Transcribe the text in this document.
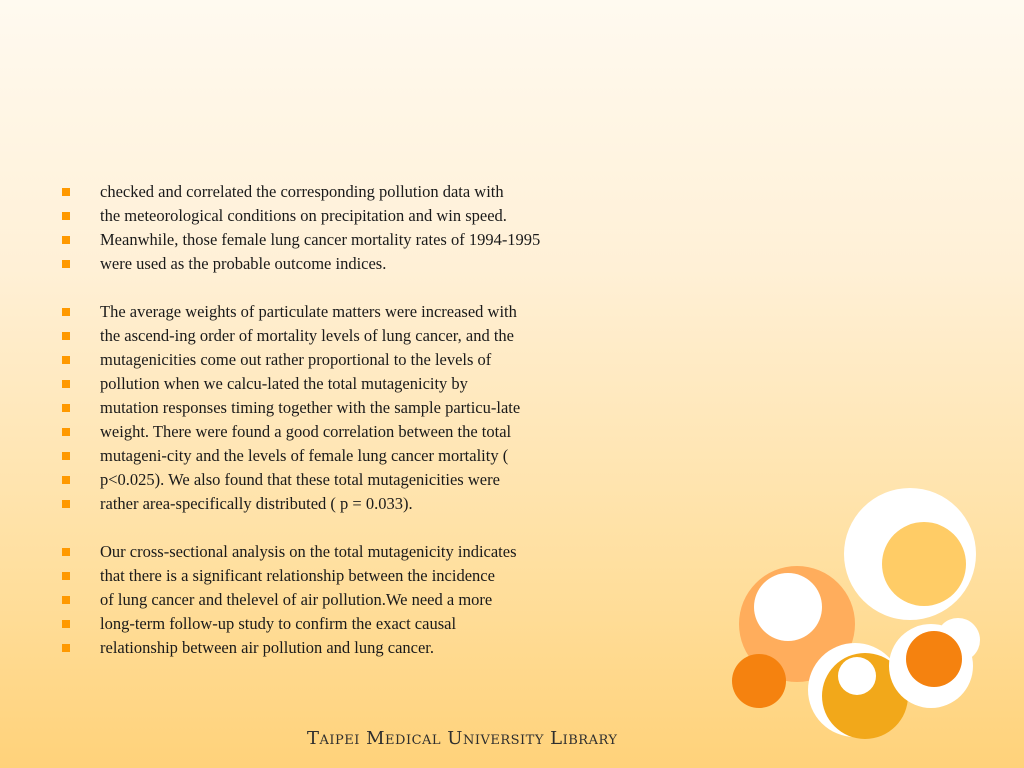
checked and correlated the corresponding pollution data with
the meteorological conditions on precipitation and win speed.
Meanwhile, those female lung cancer mortality rates of 1994-1995
were used as the probable outcome indices.
The average weights of particulate matters were increased with
the ascend-ing order of mortality levels of lung cancer, and the
mutagenicities come out rather proportional to the levels of
pollution when we calcu-lated the total mutagenicity by
mutation responses timing together with the sample particu-late
weight. There were found a good correlation between the total
mutageni-city and the levels of female lung cancer mortality (
p<0.025). We also found that these total mutagenicities were
rather area-specifically distributed ( p = 0.033).
Our cross-sectional analysis on the total mutagenicity indicates
that there is a significant relationship between the incidence
of lung cancer and thelevel of air pollution.We need a more
long-term follow-up study to confirm the exact causal
relationship between air pollution and lung cancer.
Taipei Medical University Library
